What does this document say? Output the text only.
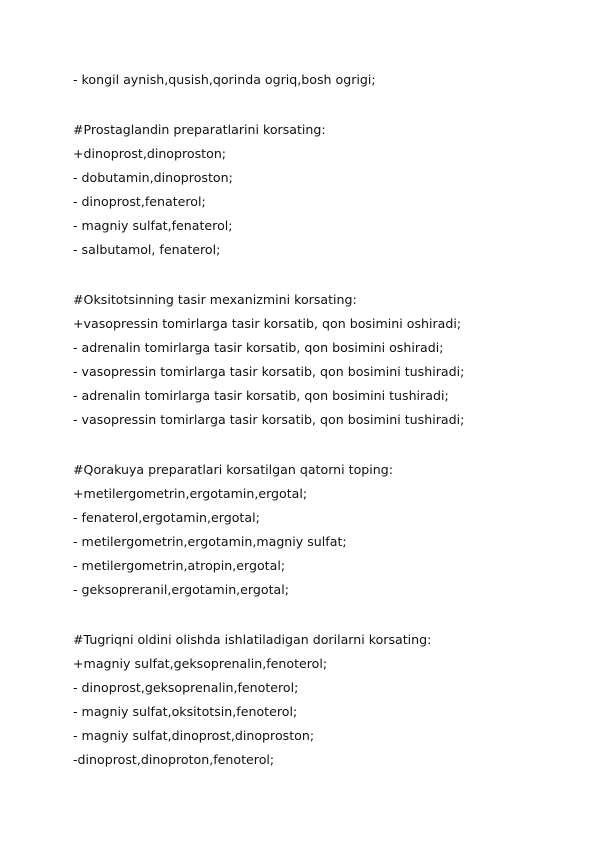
- kongil aynish,qusish,qorinda ogriq,bosh ogrigi;
#Prostaglandin preparatlarini korsating:
+dinoprost,dinoproston;
- dobutamin,dinoproston;
- dinoprost,fenaterol;
- magniy sulfat,fenaterol;
- salbutamol, fenaterol;
#Oksitotsinning tasir mexanizmini korsating:
+vasopressin tomirlarga tasir korsatib, qon bosimini oshiradi;
- adrenalin tomirlarga tasir korsatib, qon bosimini oshiradi;
- vasopressin tomirlarga tasir korsatib, qon bosimini tushiradi;
- adrenalin tomirlarga tasir korsatib, qon bosimini tushiradi;
- vasopressin tomirlarga tasir korsatib, qon bosimini tushiradi;
#Qorakuya preparatlari korsatilgan qatorni toping:
+metilergometrin,ergotamin,ergotal;
- fenaterol,ergotamin,ergotal;
- metilergometrin,ergotamin,magniy sulfat;
- metilergometrin,atropin,ergotal;
- geksopreranil,ergotamin,ergotal;
#Tugriqni oldini olishda ishlatiladigan dorilarni korsating:
+magniy sulfat,geksoprenalin,fenoterol;
- dinoprost,geksoprenalin,fenoterol;
- magniy sulfat,oksitotsin,fenoterol;
- magniy sulfat,dinoprost,dinoproston;
-dinoprost,dinoproton,fenoterol;
